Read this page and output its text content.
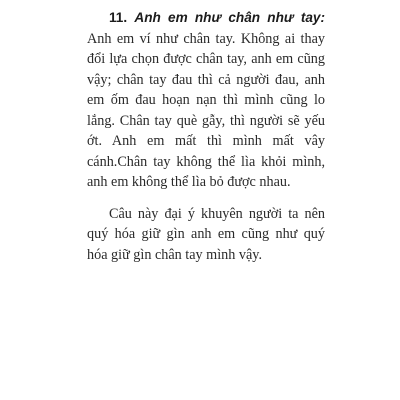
11. Anh em như chân như tay: Anh em ví như chân tay. Không ai thay đổi lựa chọn được chân tay, anh em cũng vậy; chân tay đau thì cả người đau, anh em ốm đau hoạn nạn thì mình cũng lo lắng. Chân tay què gẫy, thì người sẽ yếu ớt. Anh em mất thì mình mất vây cánh.Chân tay không thể lìa khỏi mình, anh em không thể lìa bỏ được nhau.

Câu này đại ý khuyên người ta nên quý hóa giữ gìn anh em cũng như quý hóa giữ gìn chân tay mình vậy.
